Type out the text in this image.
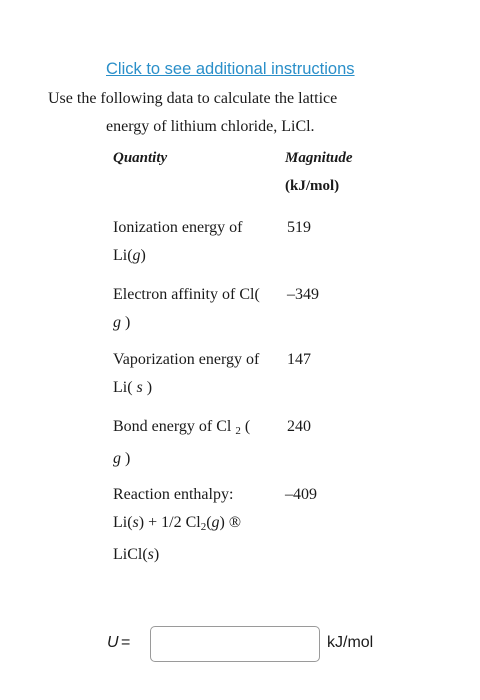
Click to see additional instructions
Use the following data to calculate the lattice
energy of lithium chloride, LiCl.
Quantity	Magnitude
(kJ/mol)
Ionization energy of
Li(g)
519
Electron affinity of Cl(
g )
–349
Vaporization energy of
Li( s )
147
Bond energy of Cl $_2$ (
g )
240
Reaction enthalpy:
Li(s) + 1/2 $Cl_2(g)$ ®
LiCl(s)
–409
U =	kJ/mol
